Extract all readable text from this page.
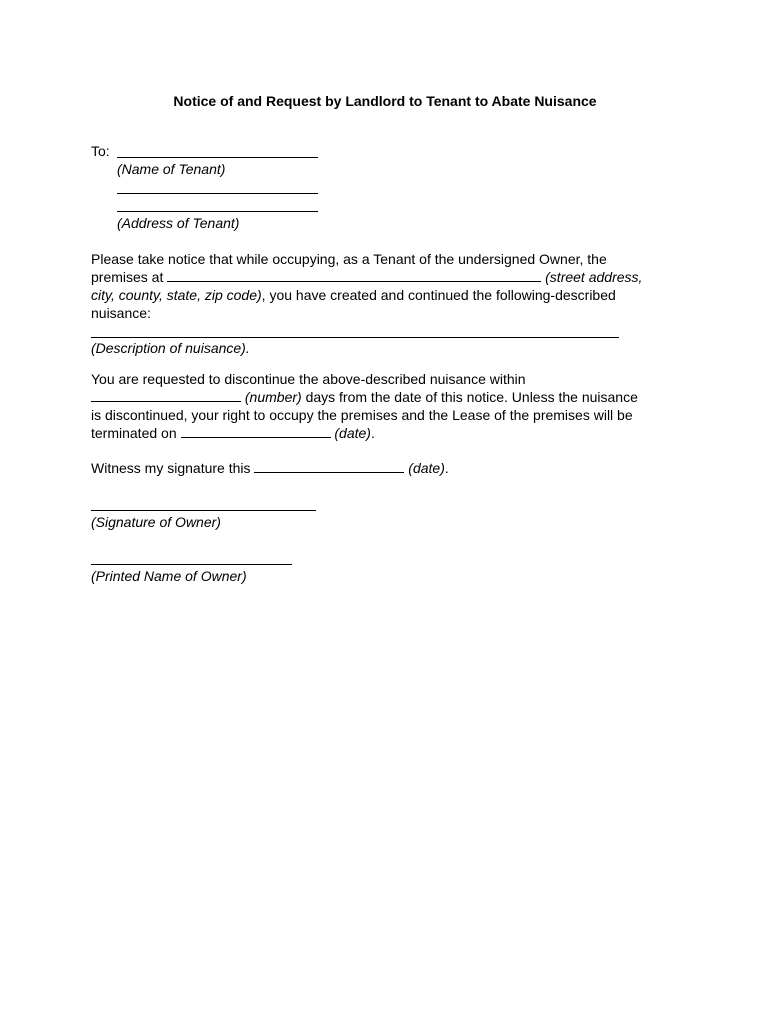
Notice of and Request by Landlord to Tenant to Abate Nuisance
To:
(Name of Tenant)
(Address of Tenant)
Please take notice that while occupying, as a Tenant of the undersigned Owner, the
premises at	(street address,
city, county, state, zip code), you have created and continued the following-described
nuisance:
(Description of nuisance).
You are requested to discontinue the above-described nuisance within
(number) days from the date of this notice. Unless the nuisance
is discontinued, your right to occupy the premises and the Lease of the premises will be
terminated on	(date).
Witness my signature this	(date).
(Signature of Owner)
(Printed Name of Owner)
